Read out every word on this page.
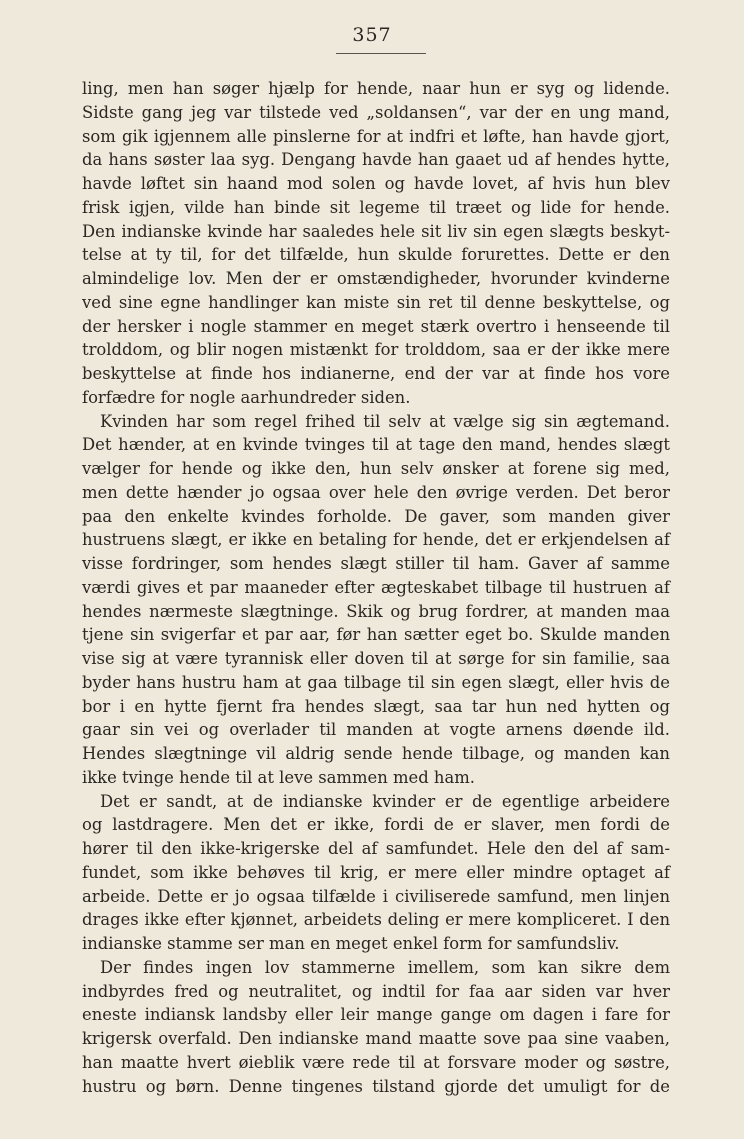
357
ling, men han søger hjælp for hende, naar hun er syg og lidende.
Sidste gang jeg var tilstede ved „soldansen“, var der en ung mand,
som gik igjennem alle pinslerne for at indfri et løfte, han havde gjort,
da hans søster laa syg. Dengang havde han gaaet ud af hendes hytte,
havde løftet sin haand mod solen og havde lovet, af hvis hun blev
frisk igjen, vilde han binde sit legeme til træet og lide for hende.
Den indianske kvinde har saaledes hele sit liv sin egen slægts beskyt-
telse at ty til, for det tilfælde, hun skulde forurettes. Dette er den
almindelige lov. Men der er omstændigheder, hvorunder kvinderne
ved sine egne handlinger kan miste sin ret til denne beskyttelse, og
der hersker i nogle stammer en meget stærk overtro i henseende til
trolddom, og blir nogen mistænkt for trolddom, saa er der ikke mere
beskyttelse at finde hos indianerne, end der var at finde hos vore
forfædre for nogle aarhundreder siden.
Kvinden har som regel frihed til selv at vælge sig sin ægtemand.
Det hænder, at en kvinde tvinges til at tage den mand, hendes slægt
vælger for hende og ikke den, hun selv ønsker at forene sig med,
men dette hænder jo ogsaa over hele den øvrige verden. Det beror
paa den enkelte kvindes forholde. De gaver, som manden giver
hustruens slægt, er ikke en betaling for hende, det er erkjendelsen af
visse fordringer, som hendes slægt stiller til ham. Gaver af samme
værdi gives et par maaneder efter ægteskabet tilbage til hustruen af
hendes nærmeste slægtninge. Skik og brug fordrer, at manden maa
tjene sin svigerfar et par aar, før han sætter eget bo. Skulde manden
vise sig at være tyrannisk eller doven til at sørge for sin familie, saa
byder hans hustru ham at gaa tilbage til sin egen slægt, eller hvis de
bor i en hytte fjernt fra hendes slægt, saa tar hun ned hytten og
gaar sin vei og overlader til manden at vogte arnens døende ild.
Hendes slægtninge vil aldrig sende hende tilbage, og manden kan
ikke tvinge hende til at leve sammen med ham.
Det er sandt, at de indianske kvinder er de egentlige arbeidere
og lastdragere. Men det er ikke, fordi de er slaver, men fordi de
hører til den ikke-krigerske del af samfundet. Hele den del af sam-
fundet, som ikke behøves til krig, er mere eller mindre optaget af
arbeide. Dette er jo ogsaa tilfælde i civiliserede samfund, men linjen
drages ikke efter kjønnet, arbeidets deling er mere kompliceret. I den
indianske stamme ser man en meget enkel form for samfundsliv.
Der findes ingen lov stammerne imellem, som kan sikre dem
indbyrdes fred og neutralitet, og indtil for faa aar siden var hver
eneste indiansk landsby eller leir mange gange om dagen i fare for
krigersk overfald. Den indianske mand maatte sove paa sine vaaben,
han maatte hvert øieblik være rede til at forsvare moder og søstre,
hustru og børn. Denne tingenes tilstand gjorde det umuligt for de
